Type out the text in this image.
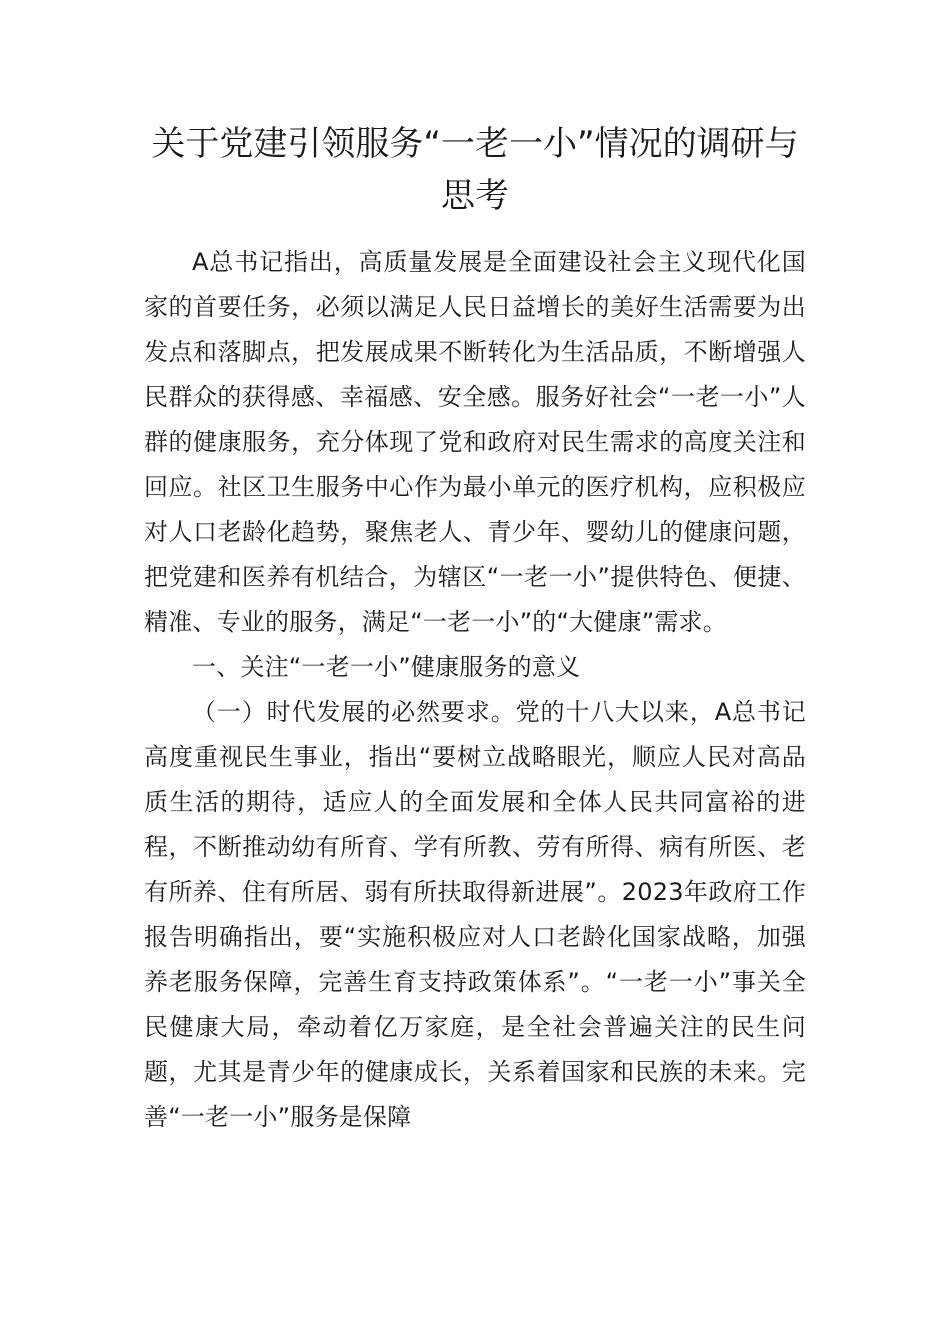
关于党建引领服务“一老一小”情况的调研与思考

A总书记指出，高质量发展是全面建设社会主义现代化国家的首要任务，必须以满足人民日益增长的美好生活需要为出发点和落脚点，把发展成果不断转化为生活品质，不断增强人民群众的获得感、幸福感、安全感。服务好社会“一老一小”人群的健康服务，充分体现了党和政府对民生需求的高度关注和回应。社区卫生服务中心作为最小单元的医疗机构，应积极应对人口老龄化趋势，聚焦老人、青少年、婴幼儿的健康问题，把党建和医养有机结合，为辖区“一老一小”提供特色、便捷、精准、专业的服务，满足“一老一小”的“大健康”需求。

一、关注“一老一小”健康服务的意义

（一）时代发展的必然要求。党的十八大以来，A总书记高度重视民生事业，指出“要树立战略眼光，顺应人民对高品质生活的期待，适应人的全面发展和全体人民共同富裕的进程，不断推动幼有所育、学有所教、劳有所得、病有所医、老有所养、住有所居、弱有所扶取得新进展”。2023年政府工作报告明确指出，要“实施积极应对人口老龄化国家战略，加强养老服务保障，完善生育支持政策体系”。“一老一小”事关全民健康大局，牵动着亿万家庭，是全社会普遍关注的民生问题，尤其是青少年的健康成长，关系着国家和民族的未来。完善“一老一小”服务是保障
